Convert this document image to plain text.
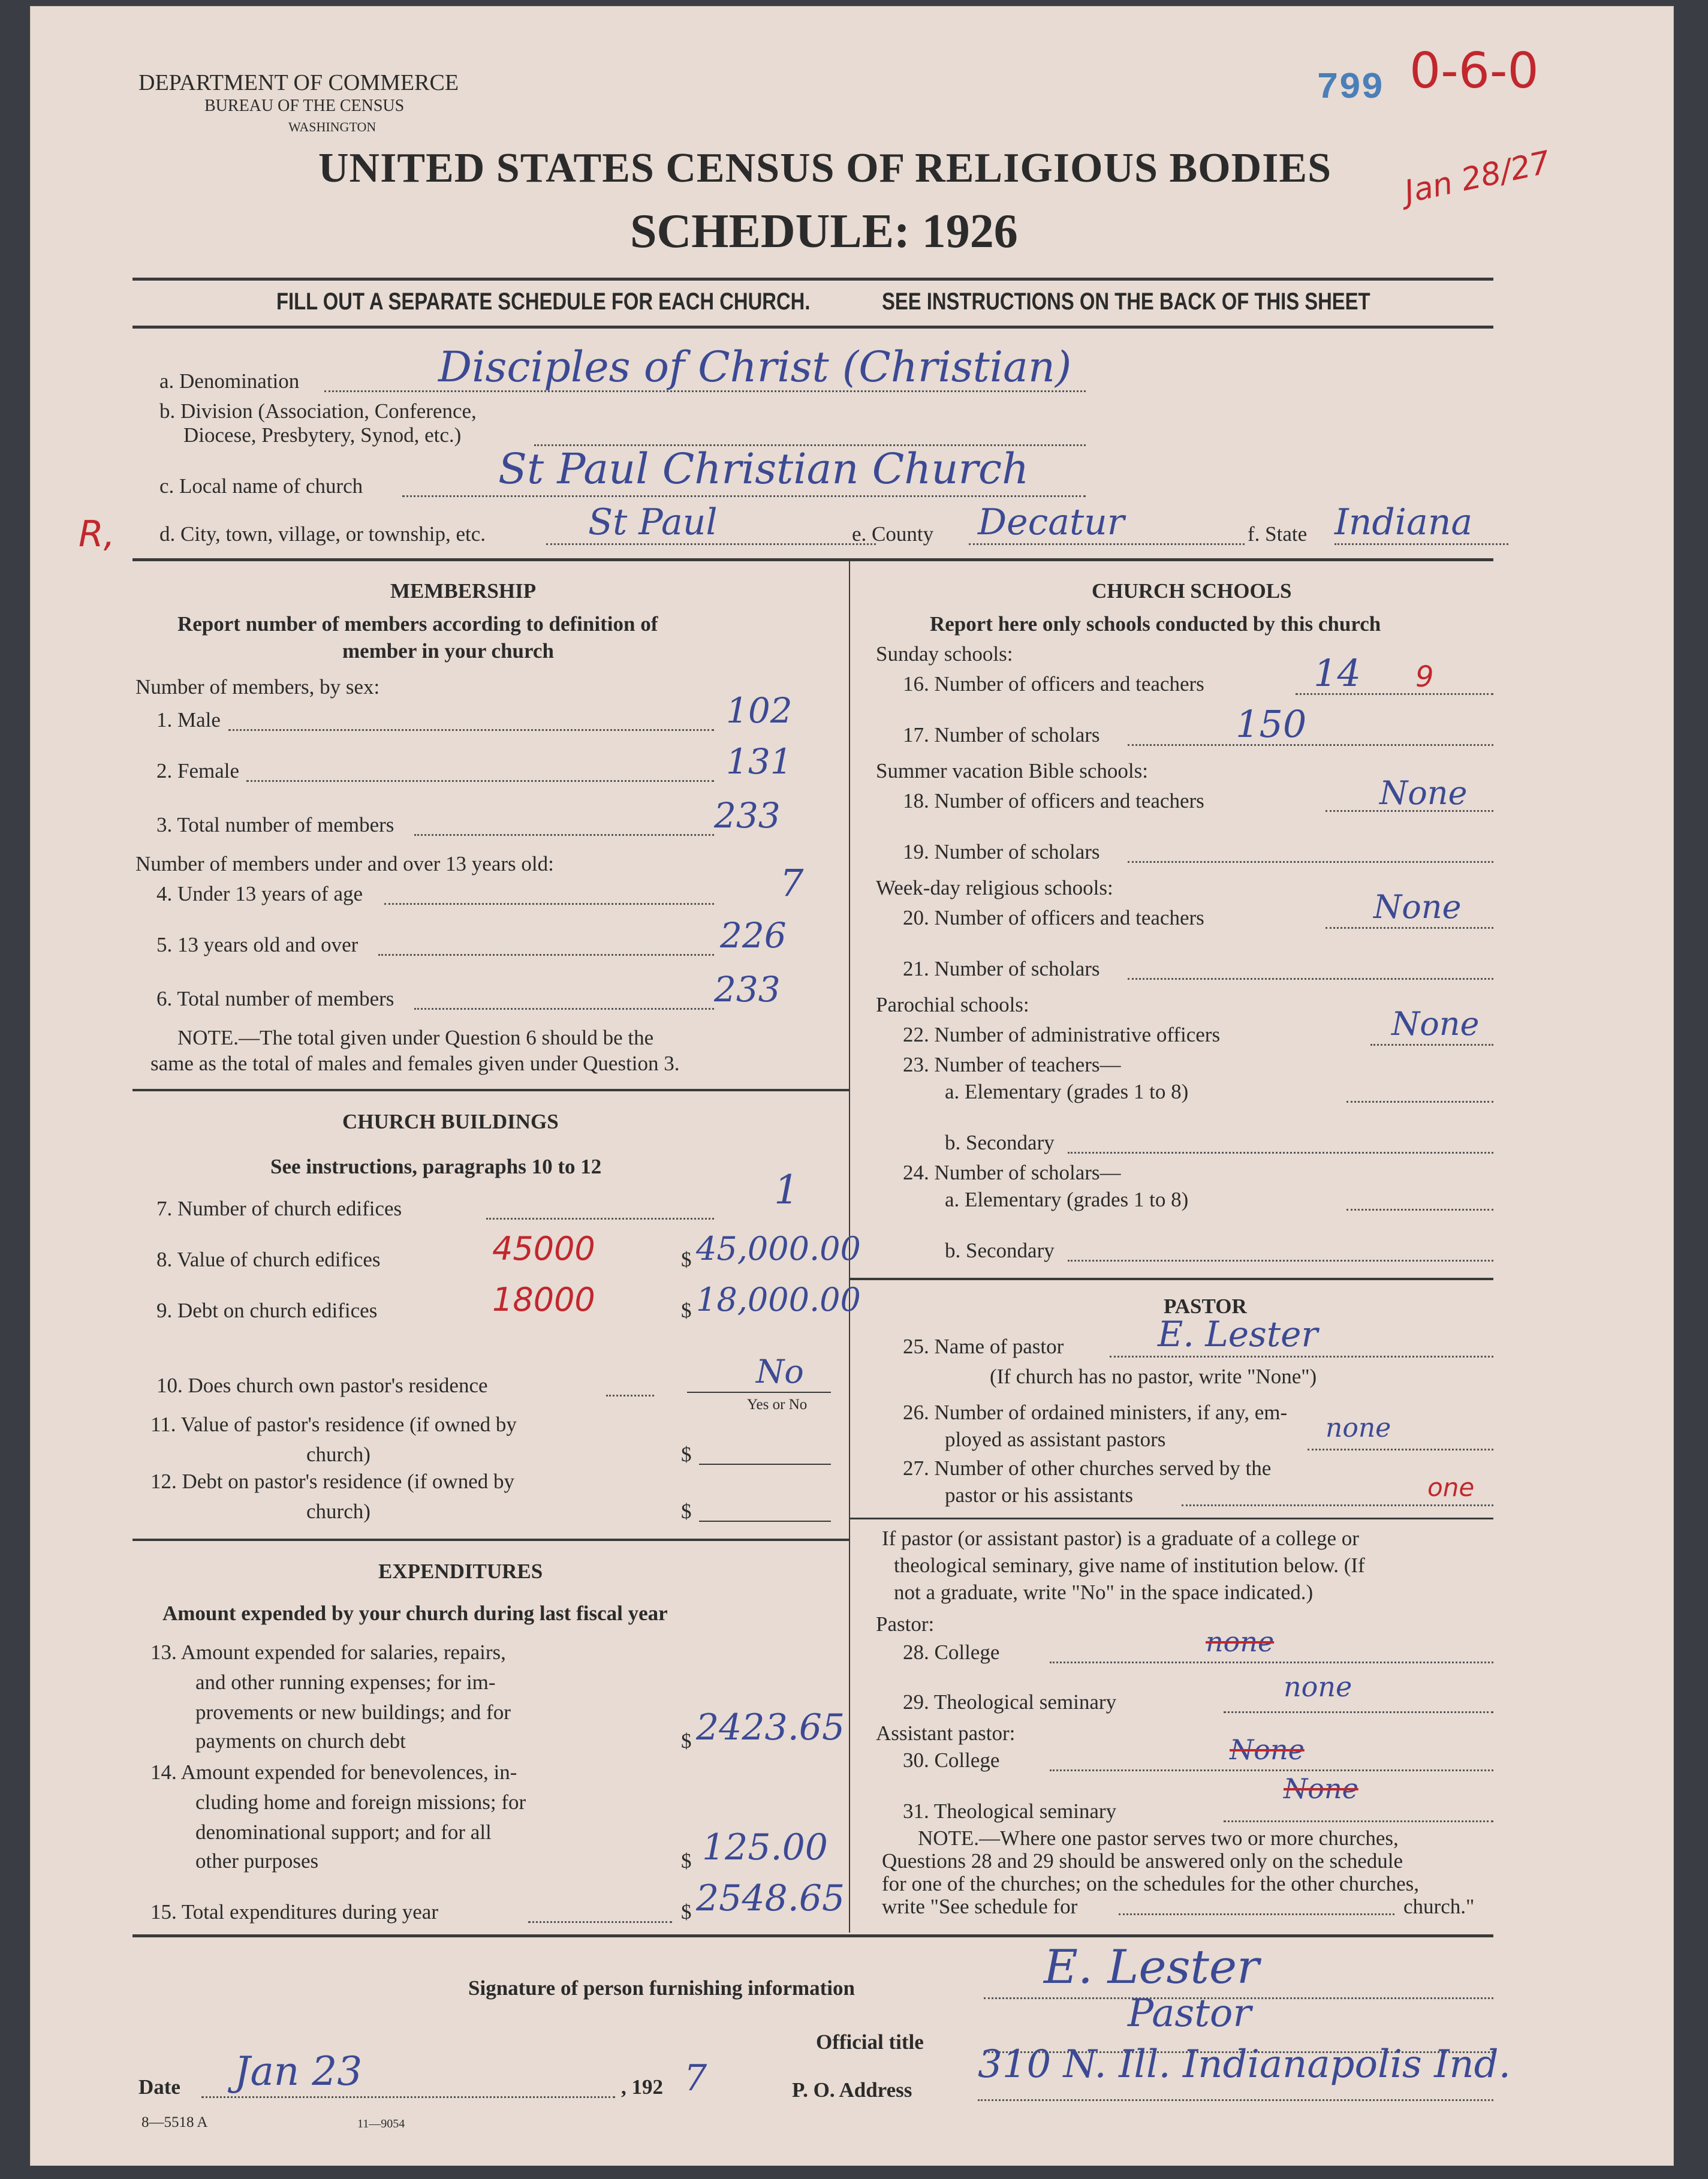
DEPARTMENT OF COMMERCE
BUREAU OF THE CENSUS
WASHINGTON
799 0-6-0
Jan 28/27
UNITED STATES CENSUS OF RELIGIOUS BODIES
SCHEDULE: 1926
FILL OUT A SEPARATE SCHEDULE FOR EACH CHURCH.	SEE INSTRUCTIONS ON THE BACK OF THIS SHEET
a. Denomination	Disciples of Christ (Christian)
b. Division (Association, Conference,
Diocese, Presbytery, Synod, etc.)
c. Local name of church	St Paul Christian Church
R, d. City, town, village, or township, etc.	St Paul	e. County Decatur	f. State Indiana
MEMBERSHIP
Report number of members according to definition of
member in your church
Number of members, by sex:
1. Male	102
2. Female	131
3. Total number of members	233
Number of members under and over 13 years old:
4. Under 13 years of age	7
5. 13 years old and over	226
6. Total number of members	233
NOTE.—The total given under Question 6 should be the
same as the total of males and females given under Question 3.
CHURCH BUILDINGS
See instructions, paragraphs 10 to 12
7. Number of church edifices	1
8. Value of church edifices	45000	$ 45,000.00
9. Debt on church edifices	18000	$ 18,000.00
10. Does church own pastor's residence	No
Yes or No
11. Value of pastor's residence (if owned by
church)	$
12. Debt on pastor's residence (if owned by
church)	$
EXPENDITURES
Amount expended by your church during last fiscal year
13. Amount expended for salaries, repairs,
and other running expenses; for im-
provements or new buildings; and for
payments on church debt	$ 2423.65
14. Amount expended for benevolences, in-
cluding home and foreign missions; for
denominational support; and for all
other purposes	$ 125.00
15. Total expenditures during year	$ 2548.65
CHURCH SCHOOLS
Report here only schools conducted by this church
Sunday schools:
16. Number of officers and teachers	14 9
17. Number of scholars	150
Summer vacation Bible schools:
18. Number of officers and teachers	None
19. Number of scholars
Week-day religious schools:
20. Number of officers and teachers	None
21. Number of scholars
Parochial schools:
22. Number of administrative officers	None
23. Number of teachers—
a. Elementary (grades 1 to 8)
b. Secondary
24. Number of scholars—
a. Elementary (grades 1 to 8)
b. Secondary
PASTOR
25. Name of pastor	E. Lester
(If church has no pastor, write "None")
26. Number of ordained ministers, if any, em-
ployed as assistant pastors	none
27. Number of other churches served by the
pastor or his assistants	one
If pastor (or assistant pastor) is a graduate of a college or
theological seminary, give name of institution below. (If
not a graduate, write "No" in the space indicated.)
Pastor:
28. College	none
29. Theological seminary	none
Assistant pastor:
30. College	None
31. Theological seminary
None
NOTE.—Where one pastor serves two or more churches,
Questions 28 and 29 should be answered only on the schedule
for one of the churches; on the schedules for the other churches,
write "See schedule for	church."
Signature of person furnishing information	E. Lester
Official title
Pastor
Date Jan 23	, 192 7	P. O. Address
310 N. Ill. Indianapolis Ind.
8—5518 A	11—9054
